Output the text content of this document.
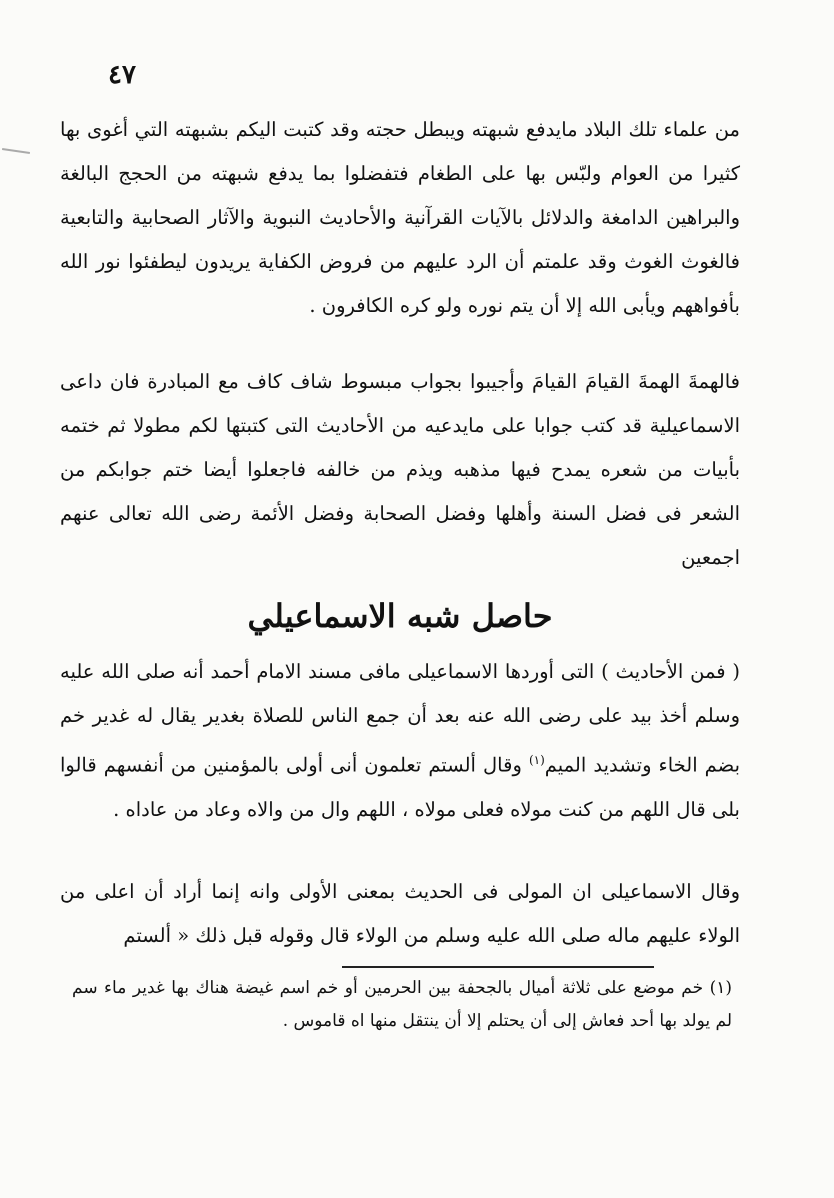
٤٧

من علماء تلك البلاد مايدفع شبهته ويبطل حجته وقد كتبت اليكم بشبهته التي أغوى بها كثيرا من العوام ولبّس بها على الطغام فتفضلوا بما يدفع شبهته من الحجج البالغة والبراهين الدامغة والدلائل بالآيات القرآنية والأحاديث النبوية والآثار الصحابية والتابعية فالغوث الغوث وقد علمتم أن الرد عليهم من فروض الكفاية يريدون ليطفئوا نور الله بأفواههم ويأبى الله إلا أن يتم نوره ولو كره الكافرون .

فالهمةَ الهمةَ القيامَ القيامَ وأجيبوا بجواب مبسوط شاف كاف مع المبادرة فان داعى الاسماعيلية قد كتب جوابا على مايدعيه من الأحاديث التى كتبتها لكم مطولا ثم ختمه بأبيات من شعره يمدح فيها مذهبه ويذم من خالفه فاجعلوا أيضا ختم جوابكم من الشعر فى فضل السنة وأهلها وفضل الصحابة وفضل الأئمة رضى الله تعالى عنهم اجمعين

حاصل شبه الاسماعيلي

( فمن الأحاديث ) التى أوردها الاسماعيلى مافى مسند الامام أحمد أنه صلى الله عليه وسلم أخذ بيد على رضى الله عنه بعد أن جمع الناس للصلاة بغدير يقال له غدير خم بضم الخاء وتشديد الميم$^{(١)}$ وقال ألستم تعلمون أنى أولى بالمؤمنين من أنفسهم قالوا بلى قال اللهم من كنت مولاه فعلى مولاه ، اللهم وال من والاه وعاد من عاداه .

وقال الاسماعيلى ان المولى فى الحديث بمعنى الأولى وانه إنما أراد أن اعلى من الولاء عليهم ماله صلى الله عليه وسلم من الولاء قال وقوله قبل ذلك « ألستم

(١) خم موضع على ثلاثة أميال بالجحفة بين الحرمين أو خم اسم غيضة هناك بها غدير ماء سم لم يولد بها أحد فعاش إلى أن يحتلم إلا أن ينتقل منها اه قاموس .
